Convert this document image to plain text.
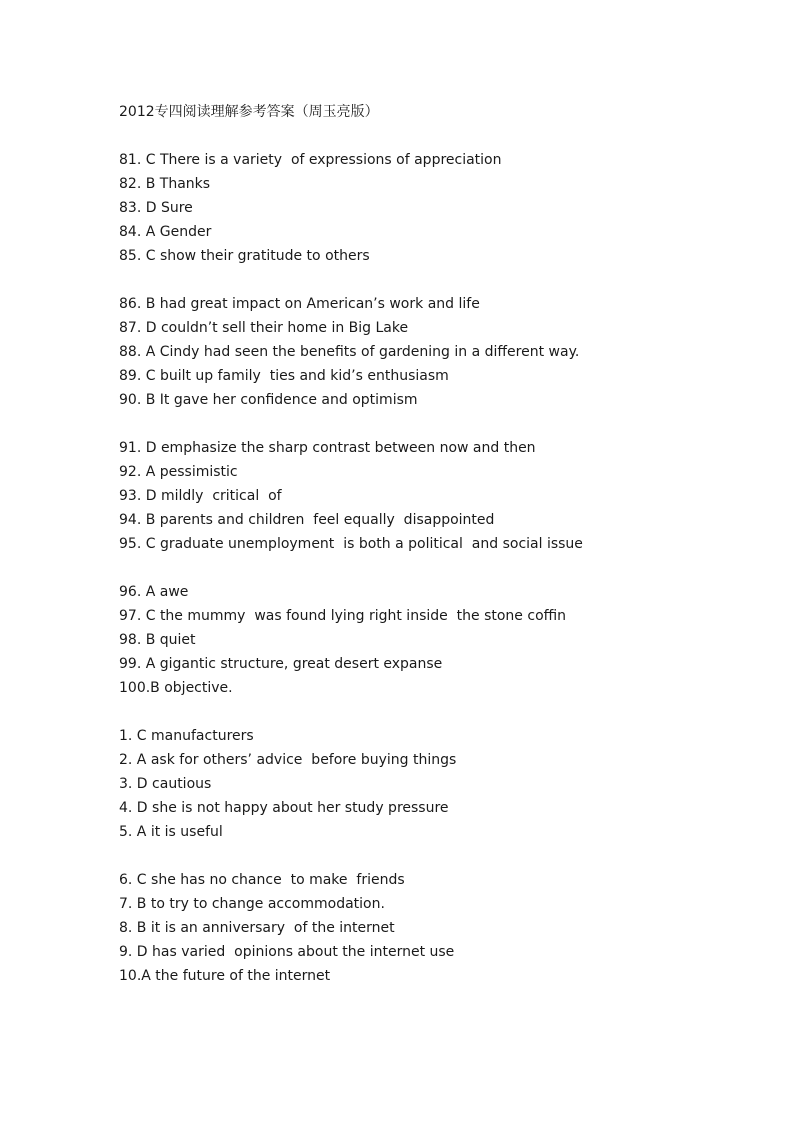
2012专四阅读理解参考答案（周玉亮版）
81. C There is a variety  of expressions of appreciation
82. B Thanks
83. D Sure
84. A Gender
85. C show their gratitude to others
86. B had great impact on American’s work and life
87. D couldn’t sell their home in Big Lake
88. A Cindy had seen the benefits of gardening in a different way.
89. C built up family  ties and kid’s enthusiasm
90. B It gave her confidence and optimism
91. D emphasize the sharp contrast between now and then
92. A pessimistic
93. D mildly  critical  of
94. B parents and children  feel equally  disappointed
95. C graduate unemployment  is both a political  and social issue
96. A awe
97. C the mummy  was found lying right inside  the stone coffin
98. B quiet
99. A gigantic structure, great desert expanse
100.B objective.
1. C manufacturers
2. A ask for others’ advice  before buying things
3. D cautious
4. D she is not happy about her study pressure
5. A it is useful
6. C she has no chance  to make  friends
7. B to try to change accommodation.
8. B it is an anniversary  of the internet
9. D has varied  opinions about the internet use
10.A the future of the internet
